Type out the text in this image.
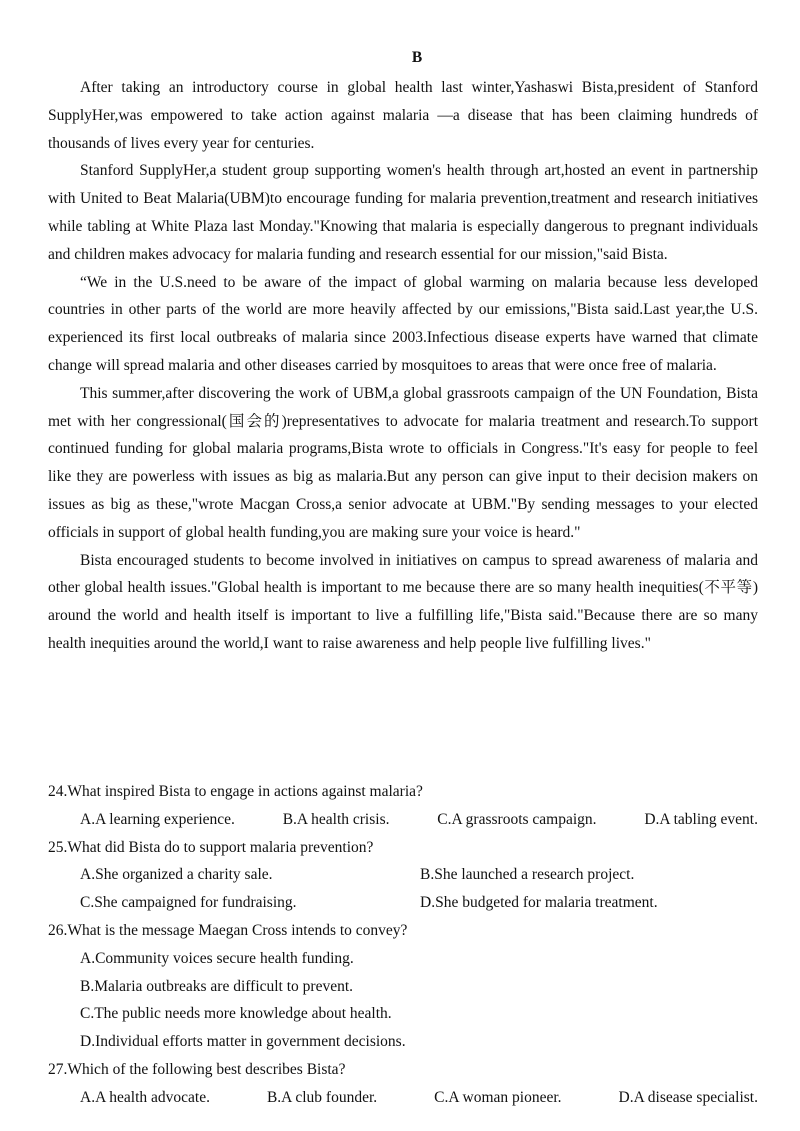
B

After taking an introductory course in global health last winter,Yashaswi Bista,president of Stanford SupplyHer,was empowered to take action against malaria —a disease that has been claiming hundreds of thousands of lives every year for centuries.

Stanford SupplyHer,a student group supporting women's health through art,hosted an event in partnership with United to Beat Malaria(UBM)to encourage funding for malaria prevention,treatment and research initiatives while tabling at White Plaza last Monday."Knowing that malaria is especially dangerous to pregnant individuals and children makes advocacy for malaria funding and research essential for our mission,"said Bista.

“We in the U.S.need to be aware of the impact of global warming on malaria because less developed countries in other parts of the world are more heavily affected by our emissions,"Bista said.Last year,the U.S. experienced its first local outbreaks of malaria since 2003.Infectious disease experts have warned that climate change will spread malaria and other diseases carried by mosquitoes to areas that were once free of malaria.

This summer,after discovering the work of UBM,a global grassroots campaign of the UN Foundation, Bista met with her congressional(国会的)representatives to advocate for malaria treatment and research.To support continued funding for global malaria programs,Bista wrote to officials in Congress."It's easy for people to feel like they are powerless with issues as big as malaria.But any person can give input to their decision makers on issues as big as these,"wrote Macgan Cross,a senior advocate at UBM."By sending messages to your elected officials in support of global health funding,you are making sure your voice is heard."

Bista encouraged students to become involved in initiatives on campus to spread awareness of malaria and other global health issues."Global health is important to me because there are so many health inequities(不平等) around the world and health itself is important to live a fulfilling life,"Bista said."Because there are so many health inequities around the world,I want to raise awareness and help people live fulfilling lives."

24.What inspired Bista to engage in actions against malaria?

A.A learning experience.	B.A health crisis.	C.A grassroots campaign.	D.A tabling event.

25.What did Bista do to support malaria prevention?

A.She organized a charity sale.	B.She launched a research project.
C.She campaigned for fundraising.	D.She budgeted for malaria treatment.

26.What is the message Maegan Cross intends to convey?

A.Community voices secure health funding.
B.Malaria outbreaks are difficult to prevent.
C.The public needs more knowledge about health.
D.Individual efforts matter in government decisions.

27.Which of the following best describes Bista?

A.A health advocate.	B.A club founder.	C.A woman pioneer.	D.A disease specialist.
